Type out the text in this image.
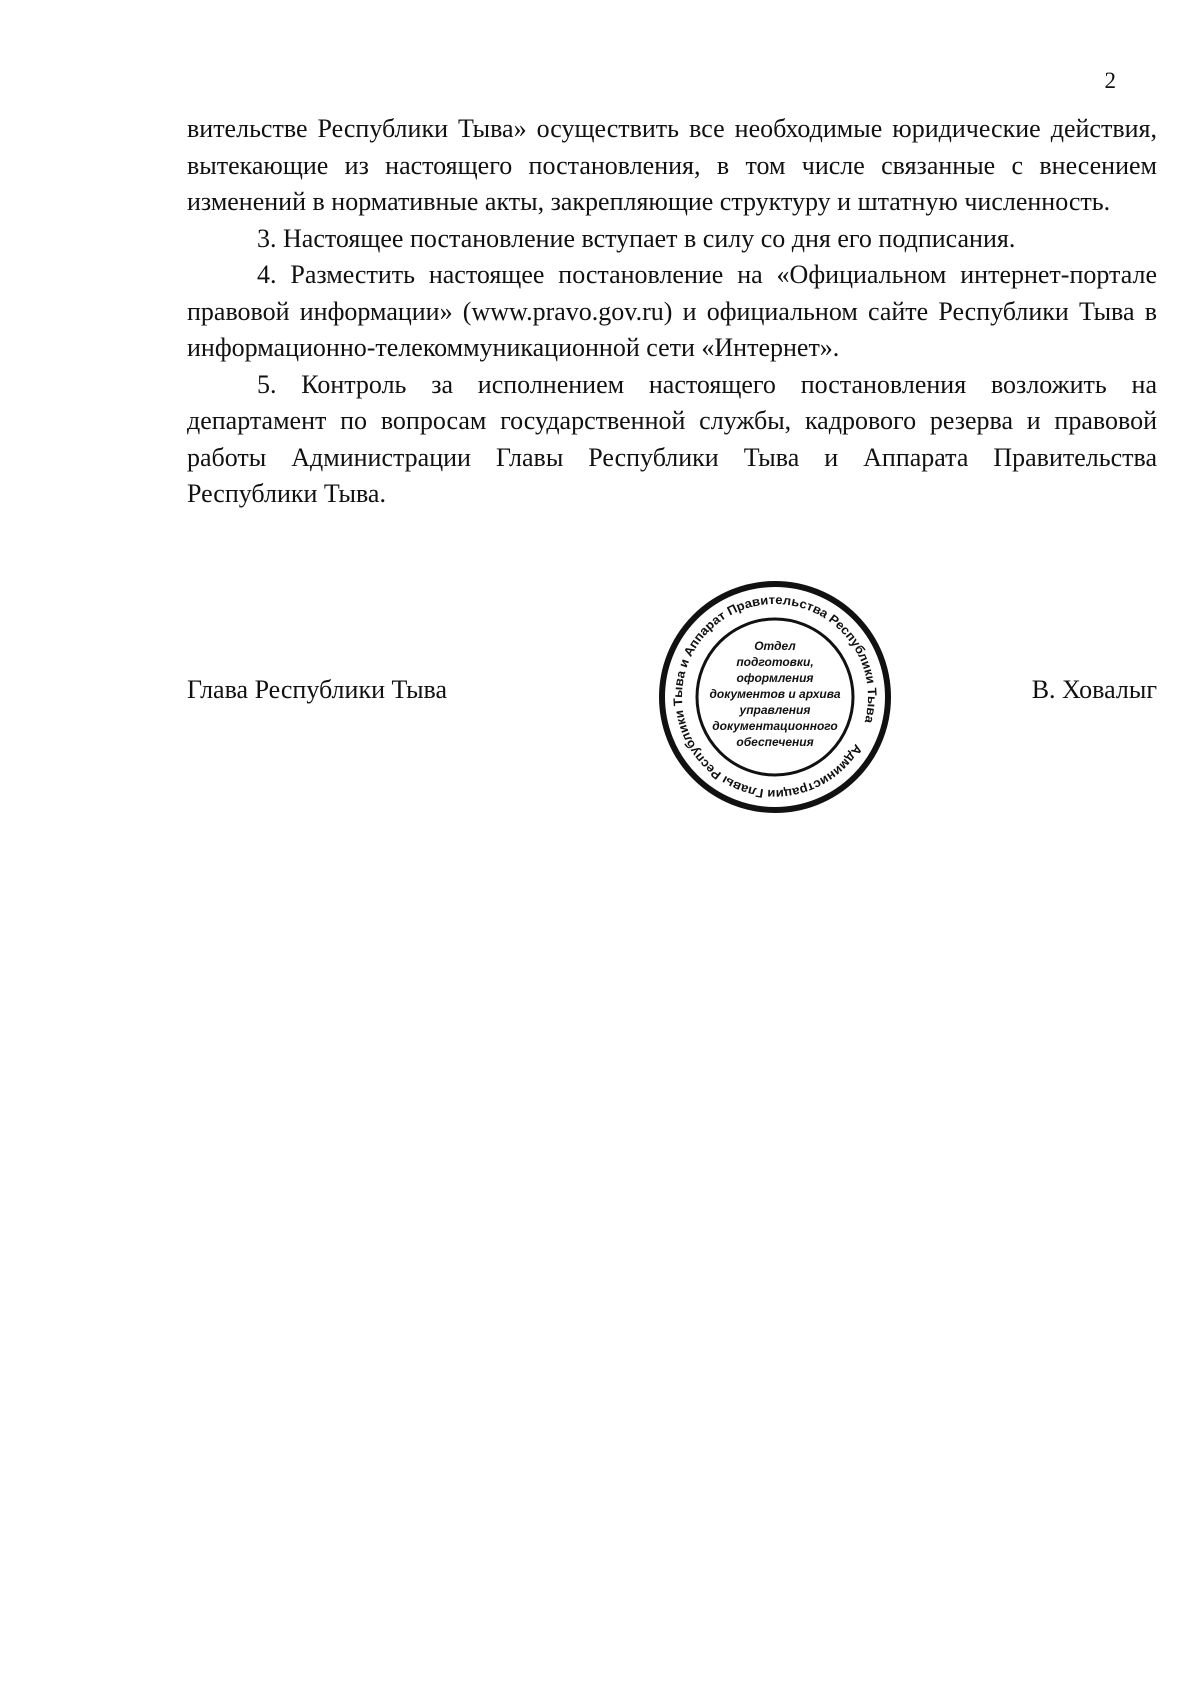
2

вительстве Республики Тыва» осуществить все необходимые юридические действия, вытекающие из настоящего постановления, в том числе связанные с внесением изменений в нормативные акты, закрепляющие структуру и штатную численность.

3. Настоящее постановление вступает в силу со дня его подписания.

4. Разместить настоящее постановление на «Официальном интернет-портале правовой информации» (www.pravo.gov.ru) и официальном сайте Республики Тыва в информационно-телекоммуникационной сети «Интернет».

5. Контроль за исполнением настоящего постановления возложить на департамент по вопросам государственной службы, кадрового резерва и правовой работы Администрации Главы Республики Тыва и Аппарата Правительства Республики Тыва.

Глава Республики Тыва	В. Ховалыг
Администрации Главы Республики Тыва и Аппарат Правительства Республики Тыва
Отдел
подготовки,
оформления
документов и архива
управления
документационного
обеспечения
